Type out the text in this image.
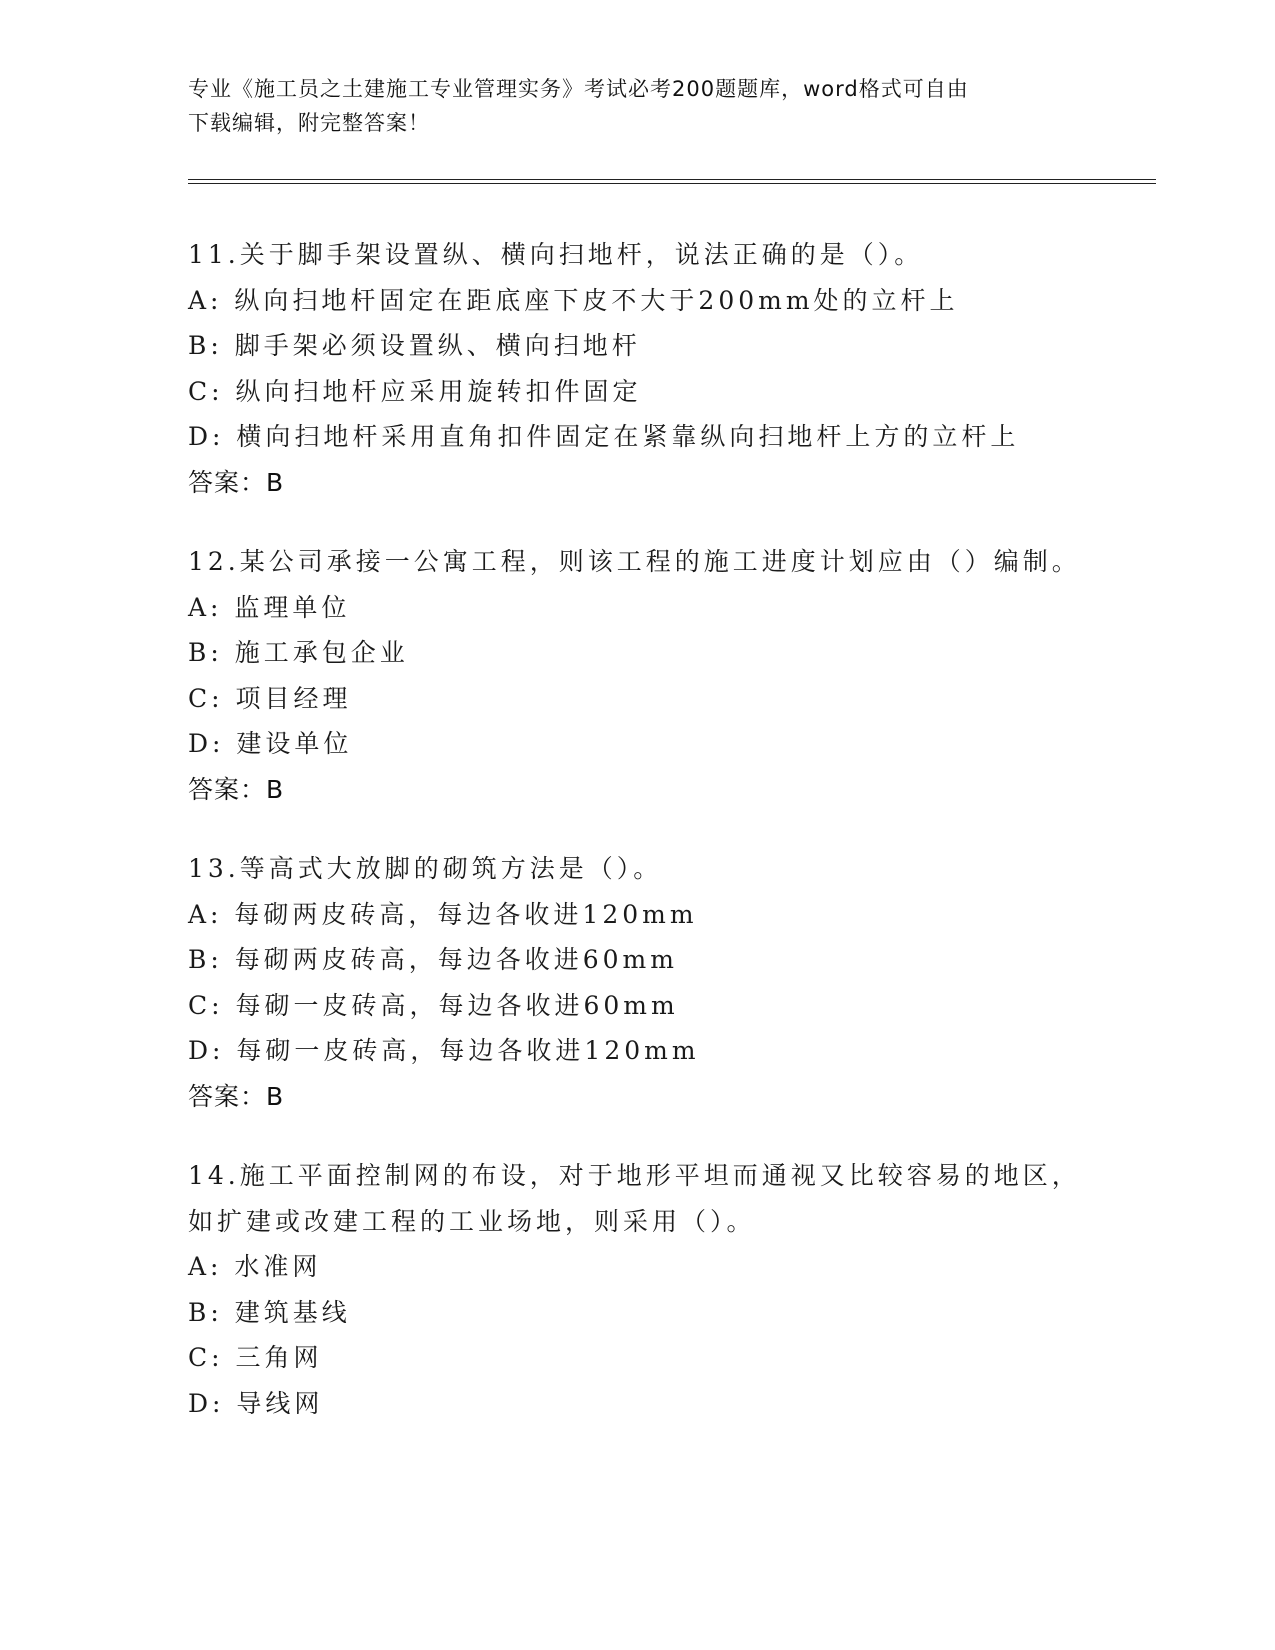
专业《施工员之土建施工专业管理实务》考试必考200题题库，word格式可自由
下载编辑，附完整答案！
11.关于脚手架设置纵、横向扫地杆，说法正确的是（）。
A: 纵向扫地杆固定在距底座下皮不大于200mm处的立杆上
B: 脚手架必须设置纵、横向扫地杆
C: 纵向扫地杆应采用旋转扣件固定
D: 横向扫地杆采用直角扣件固定在紧靠纵向扫地杆上方的立杆上
答案：B
12.某公司承接一公寓工程，则该工程的施工进度计划应由（）编制。
A: 监理单位
B: 施工承包企业
C: 项目经理
D: 建设单位
答案：B
13.等高式大放脚的砌筑方法是（）。
A: 每砌两皮砖高，每边各收进120mm
B: 每砌两皮砖高，每边各收进60mm
C: 每砌一皮砖高，每边各收进60mm
D: 每砌一皮砖高，每边各收进120mm
答案：B
14.施工平面控制网的布设，对于地形平坦而通视又比较容易的地区，
如扩建或改建工程的工业场地，则采用（）。
A: 水准网
B: 建筑基线
C: 三角网
D: 导线网
